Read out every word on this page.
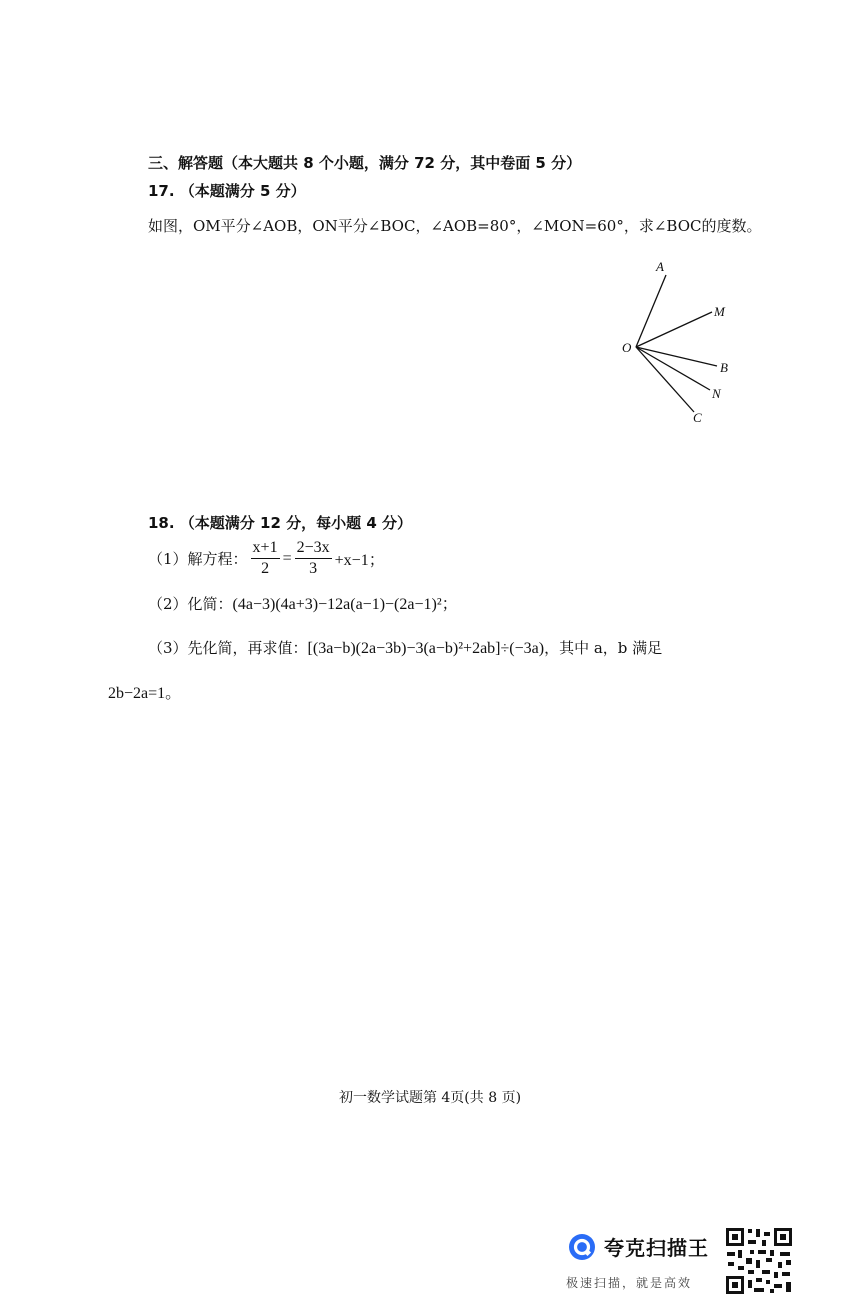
三、解答题（本大题共 8 个小题，满分 72 分，其中卷面 5 分）
17. （本题满分 5 分）
如图，OM平分∠AOB，ON平分∠BOC，∠AOB=80°，∠MON=60°，求∠BOC的度数。
A
M
O
B
N
C
18. （本题满分 12 分，每小题 4 分）
（1）解方程： $\frac{x+1}{2} = \frac{2-3x}{3} +x-1$；
（2）化简：(4a−3)(4a+3)−12a(a−1)−(2a−1)²；
（3）先化简，再求值：[(3a−b)(2a−3b)−3(a−b)²+2ab]÷(−3a)，其中 a，b 满足
2b−2a=1。
初一数学试题第 4页(共 8 页)
夸克扫描王
极速扫描，就是高效
